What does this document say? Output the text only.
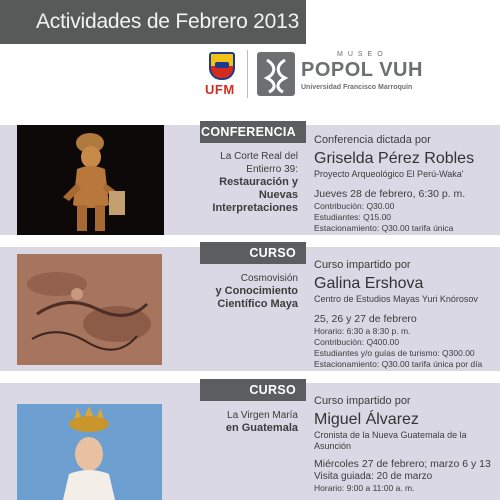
Actividades de Febrero 2013
UFM
MUSEO
POPOL VUH
Universidad Francisco Marroquín
CONFERENCIA
La Corte Real del Entierro 39:
Restauración y Nuevas Interpretaciones
Conferencia dictada por
Griselda Pérez Robles
Proyecto Arqueológico El Perú-Waka'
Jueves 28 de febrero, 6:30 p. m.
Contribución: Q30.00
Estudiantes: Q15.00
Estacionamiento: Q30.00 tarifa única
CURSO
Cosmovisión
y Conocimiento Científico Maya
Curso impartido por
Galina Ershova
Centro de Estudios Mayas Yuri Knórosov
25, 26 y 27 de febrero
Horario: 6:30 a 8:30 p. m.
Contribución: Q400.00
Estudiantes y/o guías de turismo: Q300.00
Estacionamiento: Q30.00 tarifa única por día
CURSO
La Virgen María
en Guatemala
Curso impartido por
Miguel Álvarez
Cronista de la Nueva Guatemala de la Asunción
Miércoles 27 de febrero; marzo 6 y 13
Visita guiada: 20 de marzo
Horario: 9:00 a 11:00 a. m.
